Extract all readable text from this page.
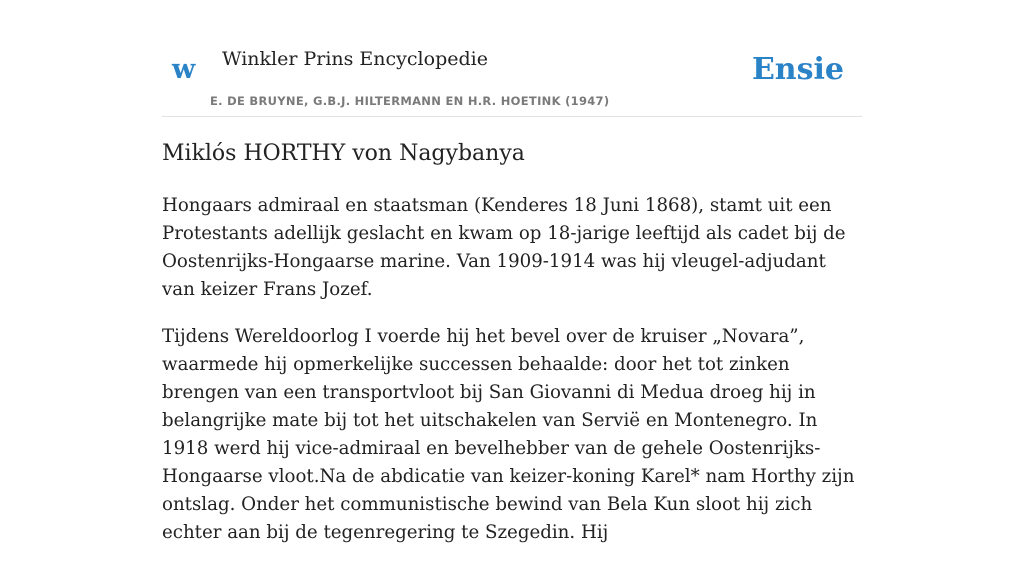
w Winkler Prins Encyclopedie
E. DE BRUYNE, G.B.J. HILTERMANN EN H.R. HOETINK (1947)
Ensie
Miklós HORTHY von Nagybanya

Hongaars admiraal en staatsman (Kenderes 18 Juni 1868), stamt uit een Protestants adellijk geslacht en kwam op 18-jarige leeftijd als cadet bij de Oostenrijks-Hongaarse marine. Van 1909-1914 was hij vleugel-adjudant van keizer Frans Jozef.

Tijdens Wereldoorlog I voerde hij het bevel over de kruiser „Novara”, waarmede hij opmerkelijke successen behaalde: door het tot zinken brengen van een transportvloot bij San Giovanni di Medua droeg hij in belangrijke mate bij tot het uitschakelen van Servië en Montenegro. In 1918 werd hij vice-admiraal en bevelhebber van de gehele Oostenrijks-Hongaarse vloot.Na de abdicatie van keizer-koning Karel* nam Horthy zijn ontslag. Onder het communistische bewind van Bela Kun sloot hij zich echter aan bij de tegenregering te Szegedin. Hij
